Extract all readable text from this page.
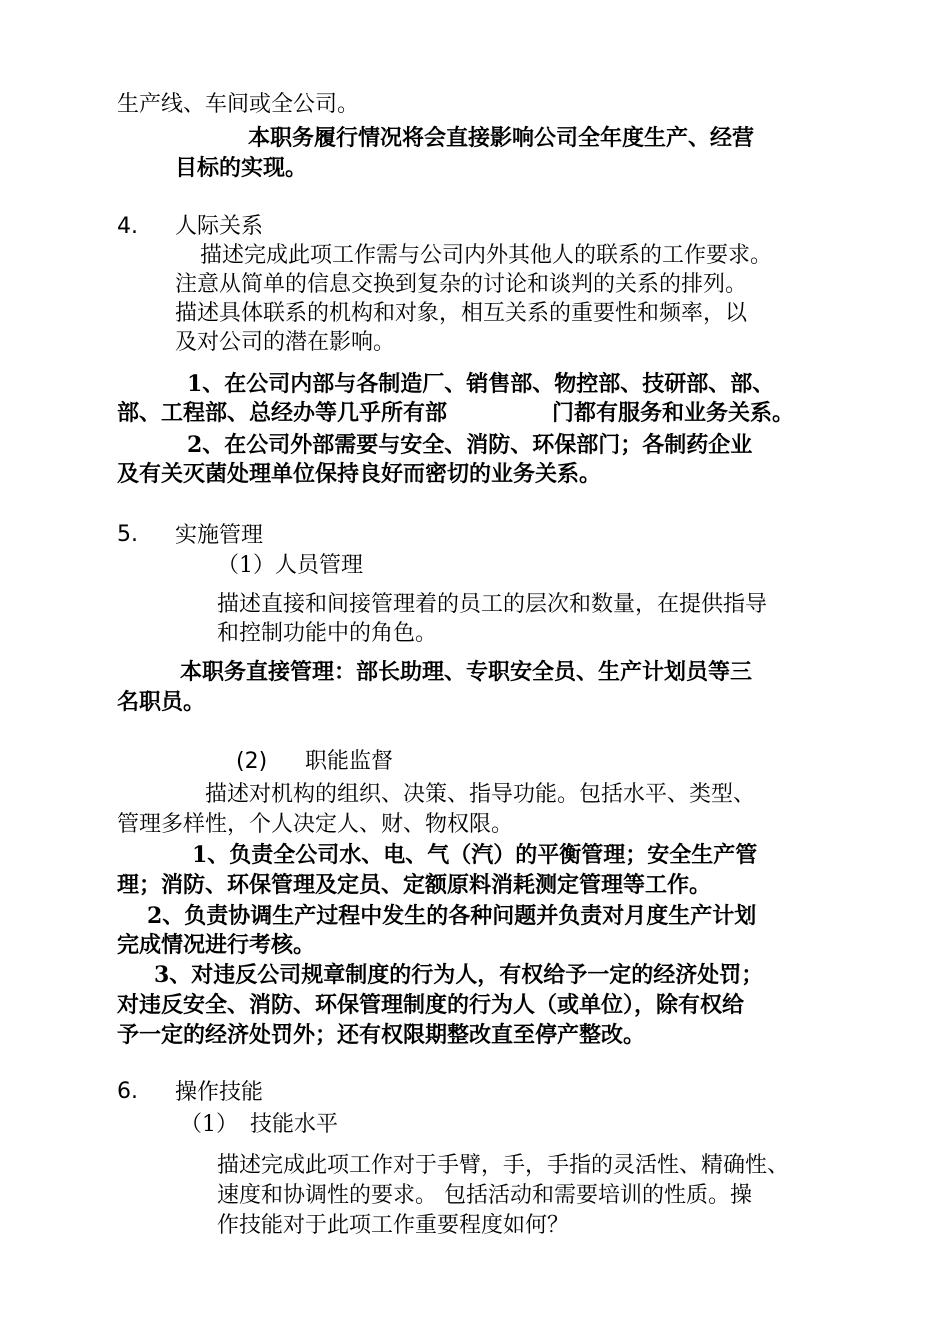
生产线、车间或全公司。
本职务履行情况将会直接影响公司全年度生产、经营
目标的实现。
4. 人际关系
描述完成此项工作需与公司内外其他人的联系的工作要求。
注意从简单的信息交换到复杂的讨论和谈判的关系的排列。
描述具体联系的机构和对象，相互关系的重要性和频率，以
及对公司的潜在影响。
1、在公司内部与各制造厂、销售部、物控部、技研部、部、
部、工程部、总经办等几乎所有部	门都有服务和业务关系。
2、在公司外部需要与安全、消防、环保部门；各制药企业
及有关灭菌处理单位保持良好而密切的业务关系。
5. 实施管理
（1）人员管理
描述直接和间接管理着的员工的层次和数量，在提供指导
和控制功能中的角色。
本职务直接管理：部长助理、专职安全员、生产计划员等三
名职员。
(2) 职能监督
描述对机构的组织、决策、指导功能。包括水平、类型、
管理多样性，个人决定人、财、物权限。
1、负责全公司水、电、气（汽）的平衡管理；安全生产管
理；消防、环保管理及定员、定额原料消耗测定管理等工作。
2、负责协调生产过程中发生的各种问题并负责对月度生产计划
完成情况进行考核。
3、对违反公司规章制度的行为人，有权给予一定的经济处罚；
对违反安全、消防、环保管理制度的行为人（或单位），除有权给
予一定的经济处罚外；还有权限期整改直至停产整改。
6. 操作技能
（1） 技能水平
描述完成此项工作对于手臂，手，手指的灵活性、精确性、
速度和协调性的要求。 包括活动和需要培训的性质。操
作技能对于此项工作重要程度如何？
